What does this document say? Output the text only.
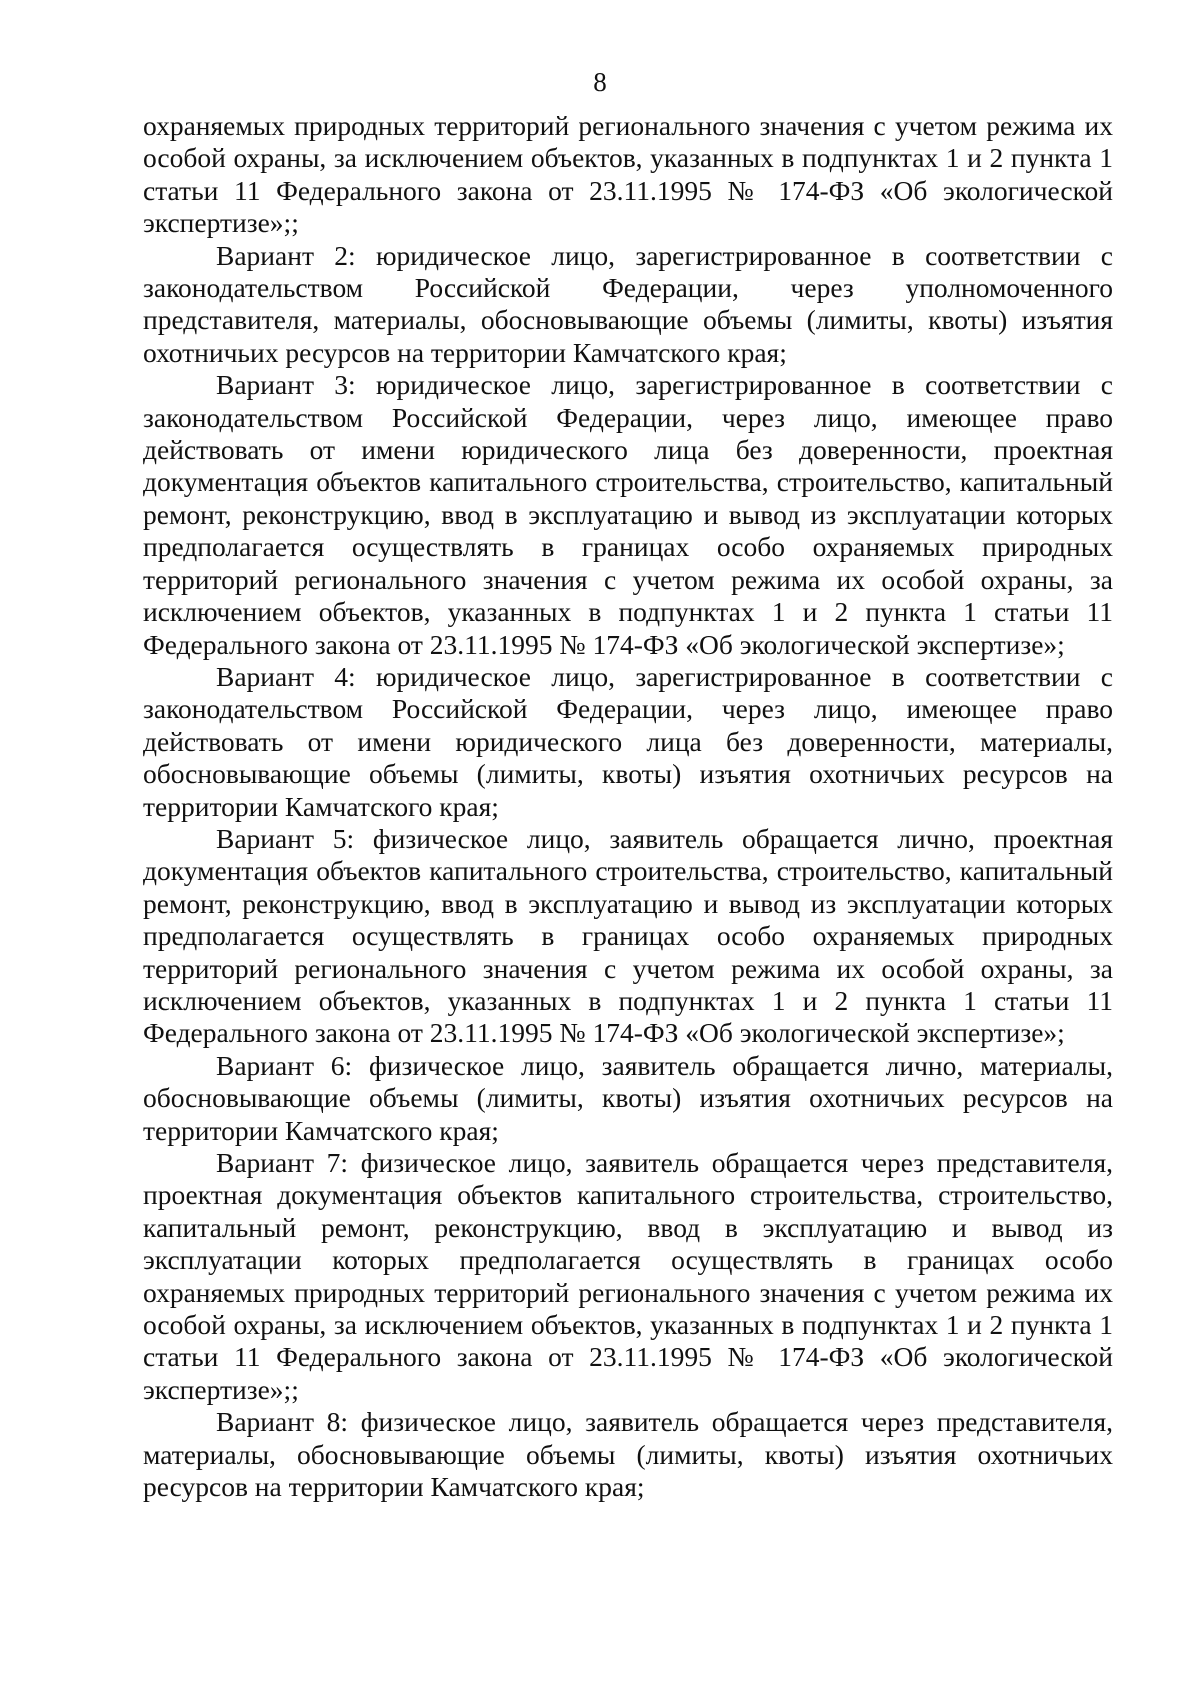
8

охраняемых природных территорий регионального значения с учетом режима их особой охраны, за исключением объектов, указанных в подпунктах 1 и 2 пункта 1 статьи 11 Федерального закона от 23.11.1995 № 174-ФЗ «Об экологической экспертизе»;;

Вариант 2: юридическое лицо, зарегистрированное в соответствии с законодательством Российской Федерации, через уполномоченного представителя, материалы, обосновывающие объемы (лимиты, квоты) изъятия охотничьих ресурсов на территории Камчатского края;

Вариант 3: юридическое лицо, зарегистрированное в соответствии с законодательством Российской Федерации, через лицо, имеющее право действовать от имени юридического лица без доверенности, проектная документация объектов капитального строительства, строительство, капитальный ремонт, реконструкцию, ввод в эксплуатацию и вывод из эксплуатации которых предполагается осуществлять в границах особо охраняемых природных территорий регионального значения с учетом режима их особой охраны, за исключением объектов, указанных в подпунктах 1 и 2 пункта 1 статьи 11 Федерального закона от 23.11.1995 № 174-ФЗ «Об экологической экспертизе»;

Вариант 4: юридическое лицо, зарегистрированное в соответствии с законодательством Российской Федерации, через лицо, имеющее право действовать от имени юридического лица без доверенности, материалы, обосновывающие объемы (лимиты, квоты) изъятия охотничьих ресурсов на территории Камчатского края;

Вариант 5: физическое лицо, заявитель обращается лично, проектная документация объектов капитального строительства, строительство, капитальный ремонт, реконструкцию, ввод в эксплуатацию и вывод из эксплуатации которых предполагается осуществлять в границах особо охраняемых природных территорий регионального значения с учетом режима их особой охраны, за исключением объектов, указанных в подпунктах 1 и 2 пункта 1 статьи 11 Федерального закона от 23.11.1995 № 174-ФЗ «Об экологической экспертизе»;

Вариант 6: физическое лицо, заявитель обращается лично, материалы, обосновывающие объемы (лимиты, квоты) изъятия охотничьих ресурсов на территории Камчатского края;

Вариант 7: физическое лицо, заявитель обращается через представителя, проектная документация объектов капитального строительства, строительство, капитальный ремонт, реконструкцию, ввод в эксплуатацию и вывод из эксплуатации которых предполагается осуществлять в границах особо охраняемых природных территорий регионального значения с учетом режима их особой охраны, за исключением объектов, указанных в подпунктах 1 и 2 пункта 1 статьи 11 Федерального закона от 23.11.1995 № 174-ФЗ «Об экологической экспертизе»;;

Вариант 8: физическое лицо, заявитель обращается через представителя, материалы, обосновывающие объемы (лимиты, квоты) изъятия охотничьих ресурсов на территории Камчатского края;
